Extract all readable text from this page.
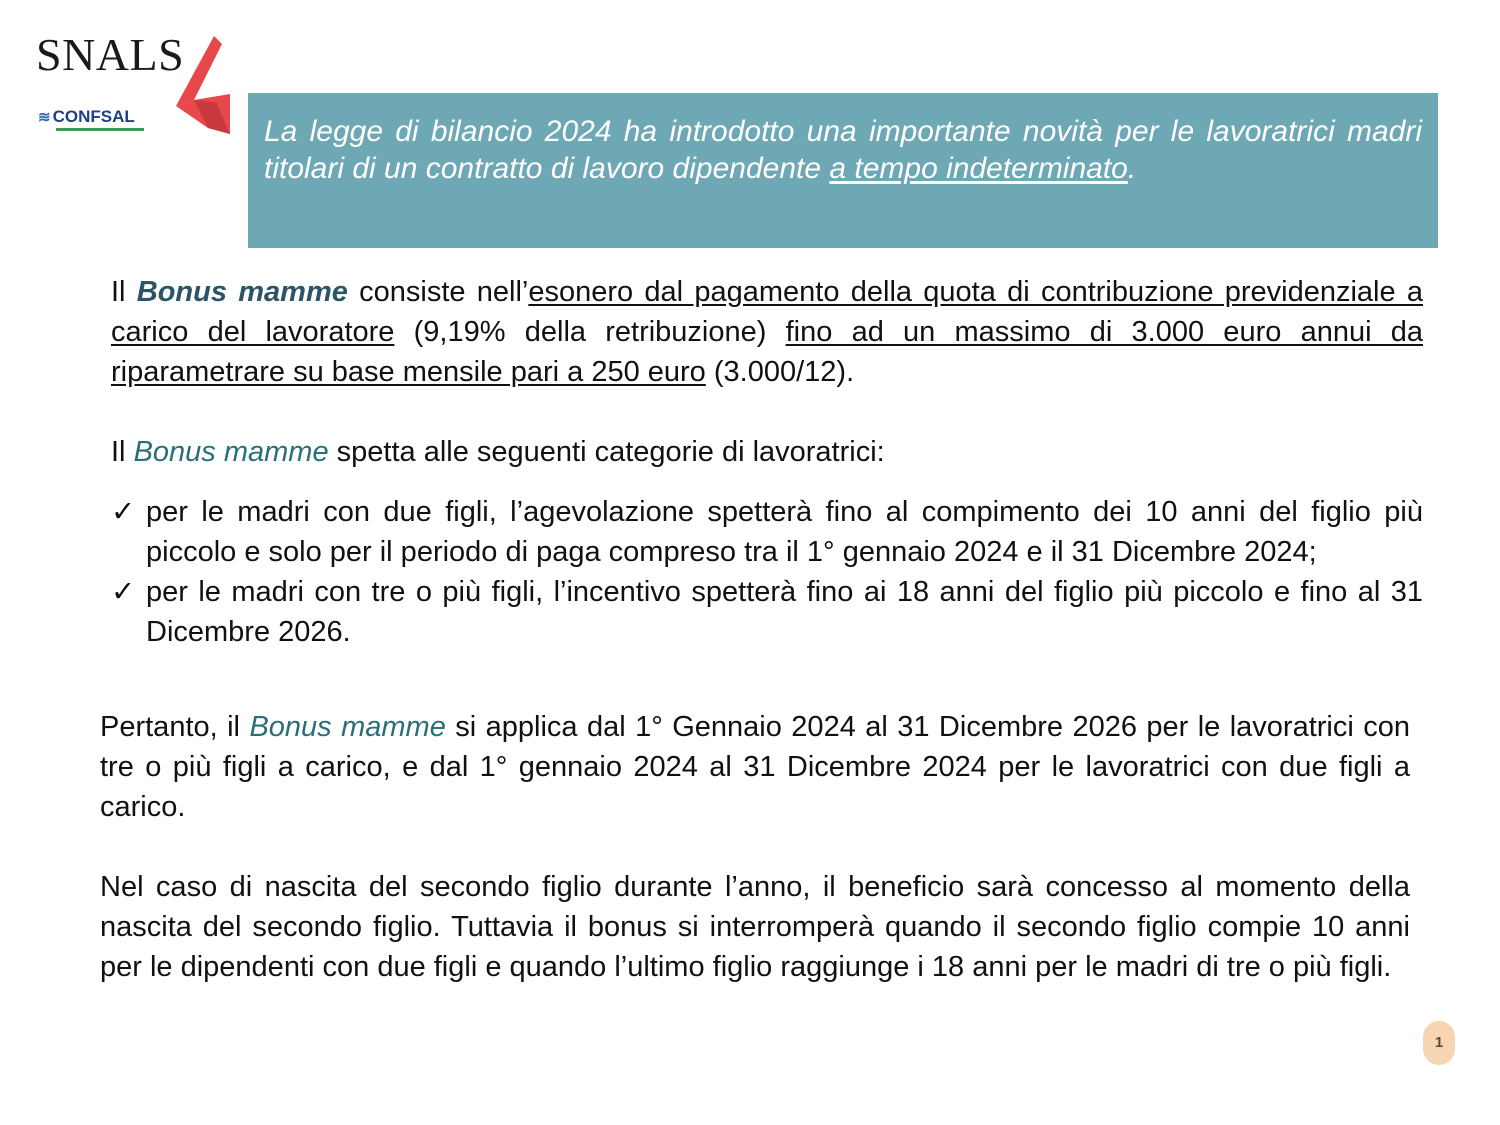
SNALS
≋ CONFSAL	La legge di bilancio 2024 ha introdotto una importante novità per le lavoratrici madri titolari di un contratto di lavoro dipendente a tempo indeterminato.

Il Bonus mamme consiste nell’esonero dal pagamento della quota di contribuzione previdenziale a carico del lavoratore (9,19% della retribuzione) fino ad un massimo di 3.000 euro annui da riparametrare su base mensile pari a 250 euro (3.000/12).

Il Bonus mamme spetta alle seguenti categorie di lavoratrici:

✓ per le madri con due figli, l’agevolazione spetterà fino al compimento dei 10 anni del figlio più piccolo e solo per il periodo di paga compreso tra il 1° gennaio 2024 e il 31 Dicembre 2024;
✓ per le madri con tre o più figli, l’incentivo spetterà fino ai 18 anni del figlio più piccolo e fino al 31 Dicembre 2026.

Pertanto, il Bonus mamme si applica dal 1° Gennaio 2024 al 31 Dicembre 2026 per le lavoratrici con tre o più figli a carico, e dal 1° gennaio 2024 al 31 Dicembre 2024 per le lavoratrici con due figli a carico.

Nel caso di nascita del secondo figlio durante l’anno, il beneficio sarà concesso al momento della nascita del secondo figlio. Tuttavia il bonus si interromperà quando il secondo figlio compie 10 anni per le dipendenti con due figli e quando l’ultimo figlio raggiunge i 18 anni per le madri di tre o più figli.

1
